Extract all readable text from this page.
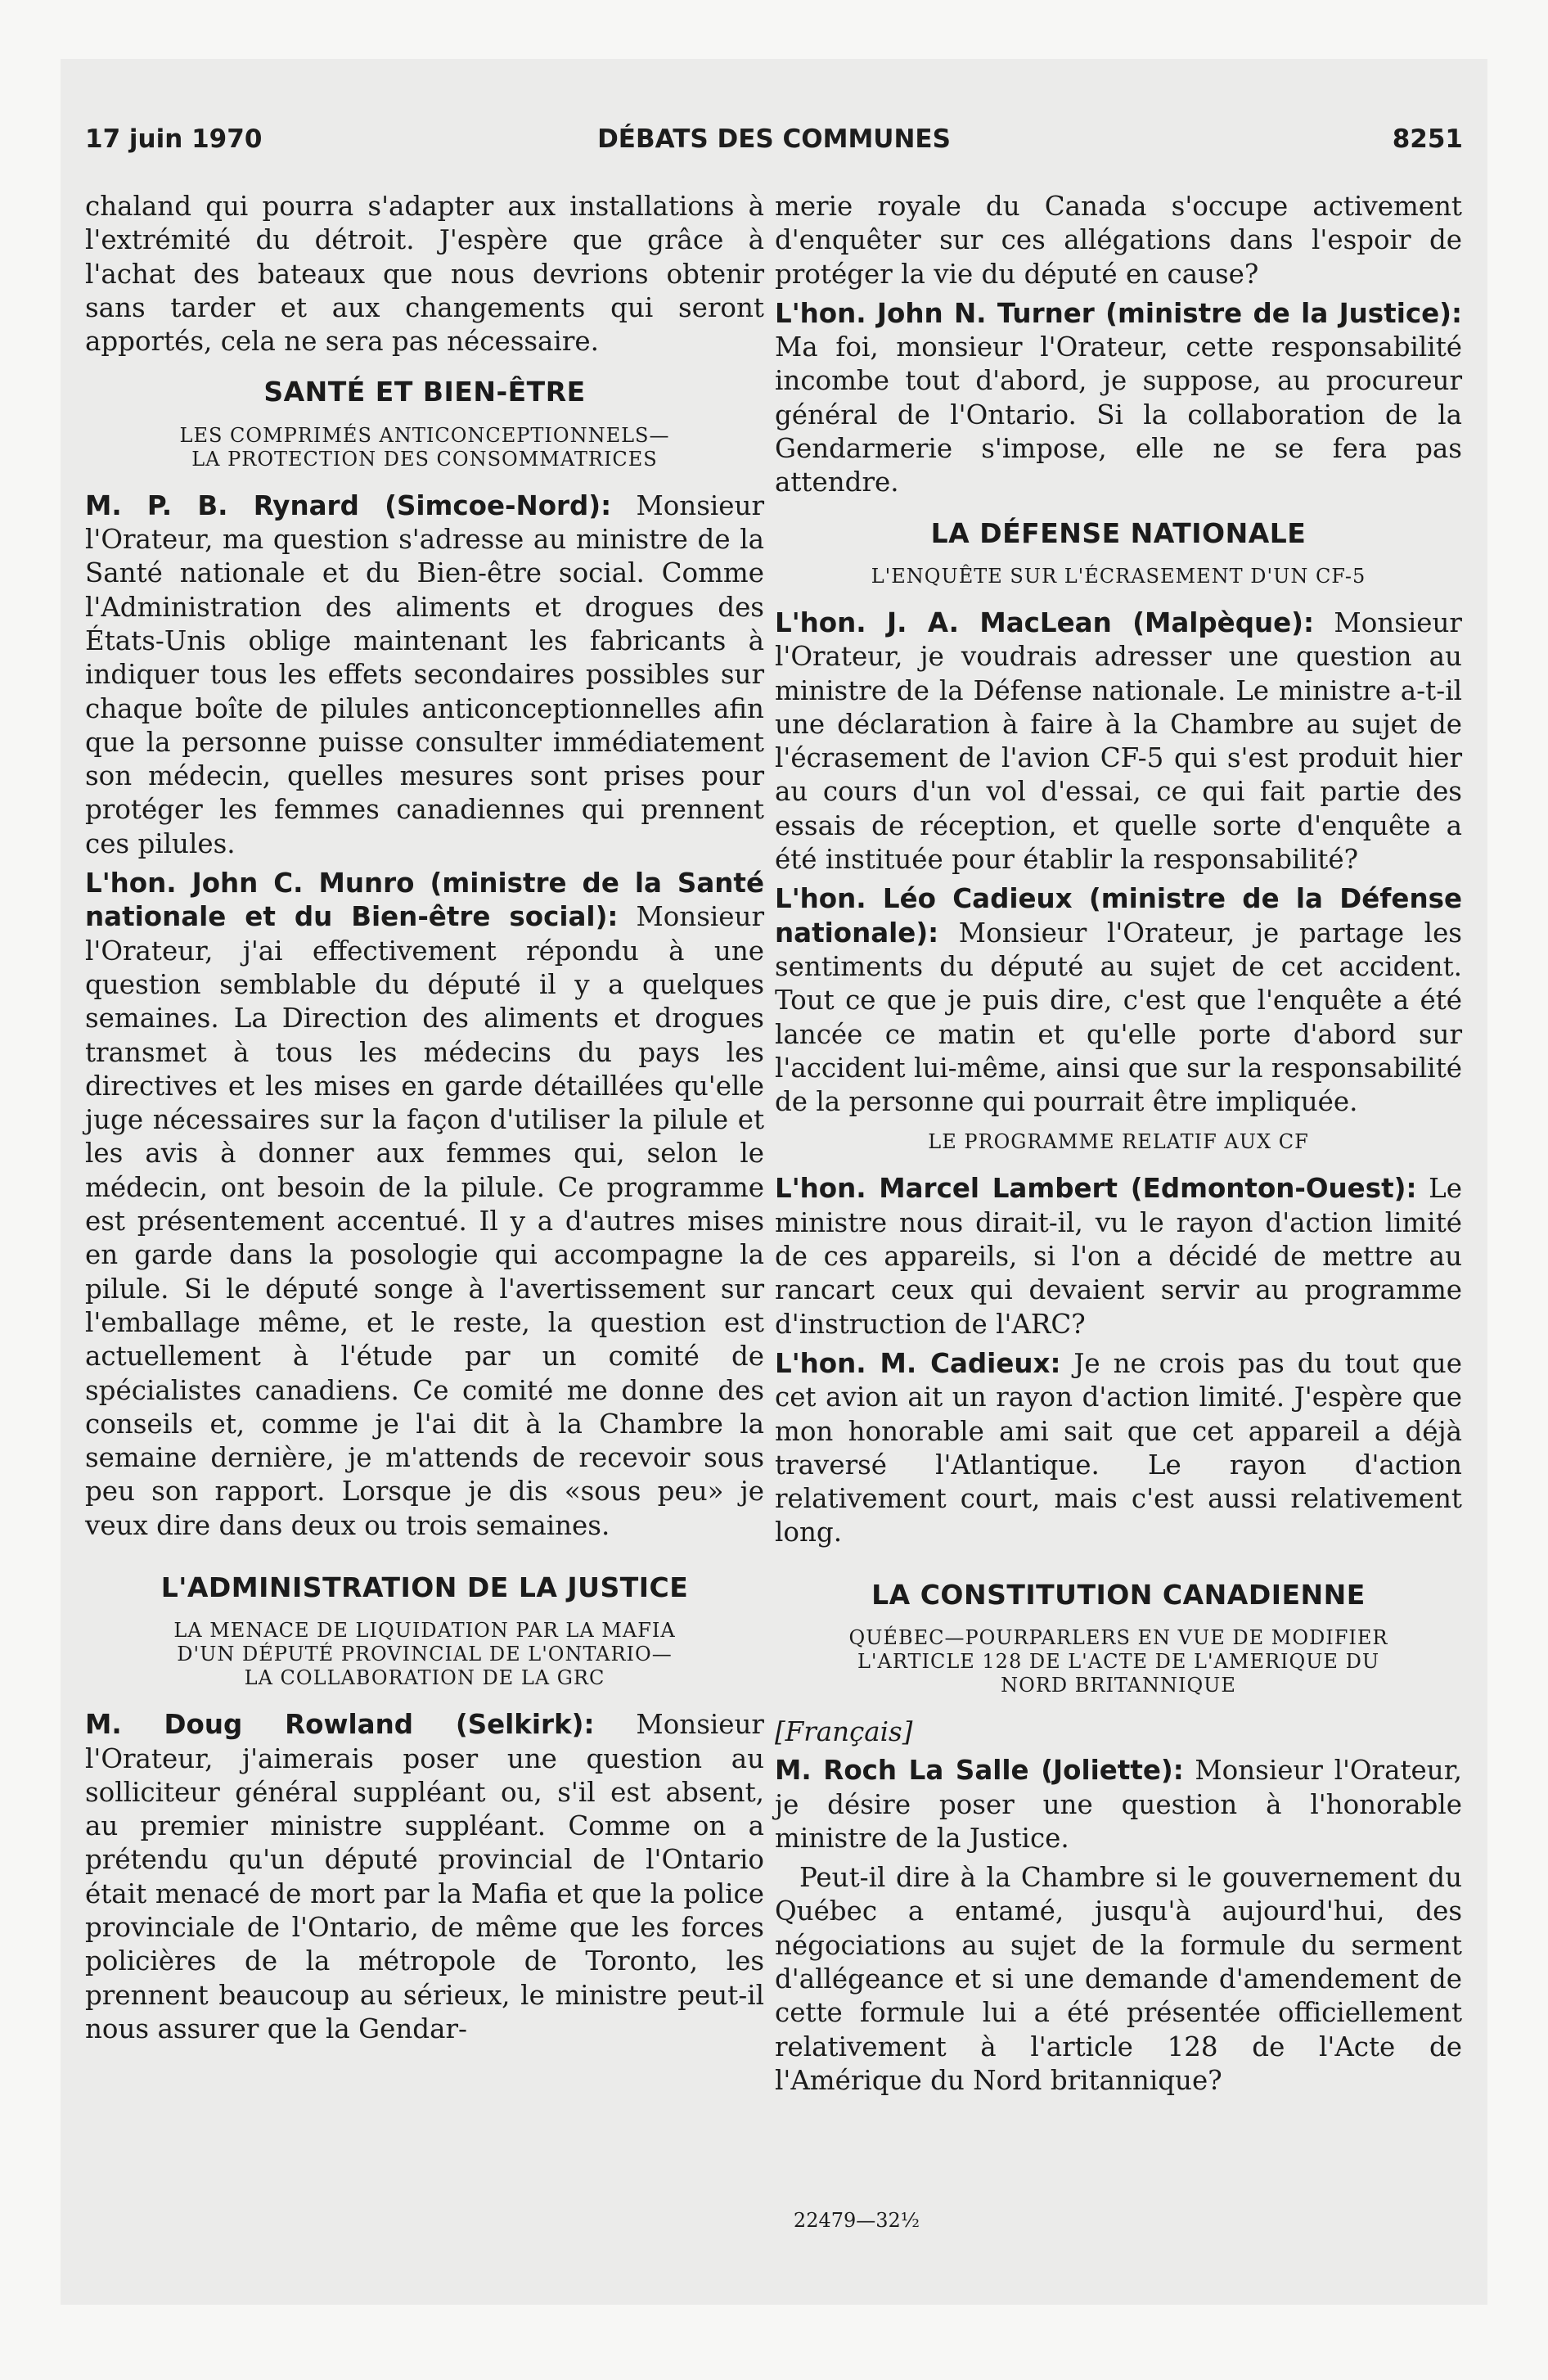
17 juin 1970	DÉBATS DES COMMUNES	8251

chaland qui pourra s'adapter aux installations à l'extrémité du détroit. J'espère que grâce à l'achat des bateaux que nous devrions obtenir sans tarder et aux changements qui seront apportés, cela ne sera pas nécessaire.

SANTÉ ET BIEN-ÊTRE
LES COMPRIMÉS ANTICONCEPTIONNELS—
LA PROTECTION DES CONSOMMATRICES

M. P. B. Rynard (Simcoe-Nord): Monsieur l'Orateur, ma question s'adresse au ministre de la Santé nationale et du Bien-être social. Comme l'Administration des aliments et drogues des États-Unis oblige maintenant les fabricants à indiquer tous les effets secondaires possibles sur chaque boîte de pilules anticonceptionnelles afin que la personne puisse consulter immédiatement son médecin, quelles mesures sont prises pour protéger les femmes canadiennes qui prennent ces pilules.

L'hon. John C. Munro (ministre de la Santé nationale et du Bien-être social): Monsieur l'Orateur, j'ai effectivement répondu à une question semblable du député il y a quelques semaines. La Direction des aliments et drogues transmet à tous les médecins du pays les directives et les mises en garde détaillées qu'elle juge nécessaires sur la façon d'utiliser la pilule et les avis à donner aux femmes qui, selon le médecin, ont besoin de la pilule. Ce programme est présentement accentué. Il y a d'autres mises en garde dans la posologie qui accompagne la pilule. Si le député songe à l'avertissement sur l'emballage même, et le reste, la question est actuellement à l'étude par un comité de spécialistes canadiens. Ce comité me donne des conseils et, comme je l'ai dit à la Chambre la semaine dernière, je m'attends de recevoir sous peu son rapport. Lorsque je dis «sous peu» je veux dire dans deux ou trois semaines.

L'ADMINISTRATION DE LA JUSTICE
LA MENACE DE LIQUIDATION PAR LA MAFIA
D'UN DÉPUTÉ PROVINCIAL DE L'ONTARIO—
LA COLLABORATION DE LA GRC

M. Doug Rowland (Selkirk): Monsieur l'Orateur, j'aimerais poser une question au solliciteur général suppléant ou, s'il est absent, au premier ministre suppléant. Comme on a prétendu qu'un député provincial de l'Ontario était menacé de mort par la Mafia et que la police provinciale de l'Ontario, de même que les forces policières de la métropole de Toronto, les prennent beaucoup au sérieux, le ministre peut-il nous assurer que la Gendar-

merie royale du Canada s'occupe activement d'enquêter sur ces allégations dans l'espoir de protéger la vie du député en cause?

L'hon. John N. Turner (ministre de la Justice): Ma foi, monsieur l'Orateur, cette responsabilité incombe tout d'abord, je suppose, au procureur général de l'Ontario. Si la collaboration de la Gendarmerie s'impose, elle ne se fera pas attendre.

LA DÉFENSE NATIONALE
L'ENQUÊTE SUR L'ÉCRASEMENT D'UN CF-5

L'hon. J. A. MacLean (Malpèque): Monsieur l'Orateur, je voudrais adresser une question au ministre de la Défense nationale. Le ministre a-t-il une déclaration à faire à la Chambre au sujet de l'écrasement de l'avion CF-5 qui s'est produit hier au cours d'un vol d'essai, ce qui fait partie des essais de réception, et quelle sorte d'enquête a été instituée pour établir la responsabilité?

L'hon. Léo Cadieux (ministre de la Défense nationale): Monsieur l'Orateur, je partage les sentiments du député au sujet de cet accident. Tout ce que je puis dire, c'est que l'enquête a été lancée ce matin et qu'elle porte d'abord sur l'accident lui-même, ainsi que sur la responsabilité de la personne qui pourrait être impliquée.

LE PROGRAMME RELATIF AUX CF

L'hon. Marcel Lambert (Edmonton-Ouest): Le ministre nous dirait-il, vu le rayon d'action limité de ces appareils, si l'on a décidé de mettre au rancart ceux qui devaient servir au programme d'instruction de l'ARC?

L'hon. M. Cadieux: Je ne crois pas du tout que cet avion ait un rayon d'action limité. J'espère que mon honorable ami sait que cet appareil a déjà traversé l'Atlantique. Le rayon d'action relativement court, mais c'est aussi relativement long.

LA CONSTITUTION CANADIENNE
QUÉBEC—POURPARLERS EN VUE DE MODIFIER
L'ARTICLE 128 DE L'ACTE DE L'AMERIQUE DU
NORD BRITANNIQUE
[Français]

M. Roch La Salle (Joliette): Monsieur l'Orateur, je désire poser une question à l'honorable ministre de la Justice.

Peut-il dire à la Chambre si le gouvernement du Québec a entamé, jusqu'à aujourd'hui, des négociations au sujet de la formule du serment d'allégeance et si une demande d'amendement de cette formule lui a été présentée officiellement relativement à l'article 128 de l'Acte de l'Amérique du Nord britannique?

22479—32½
